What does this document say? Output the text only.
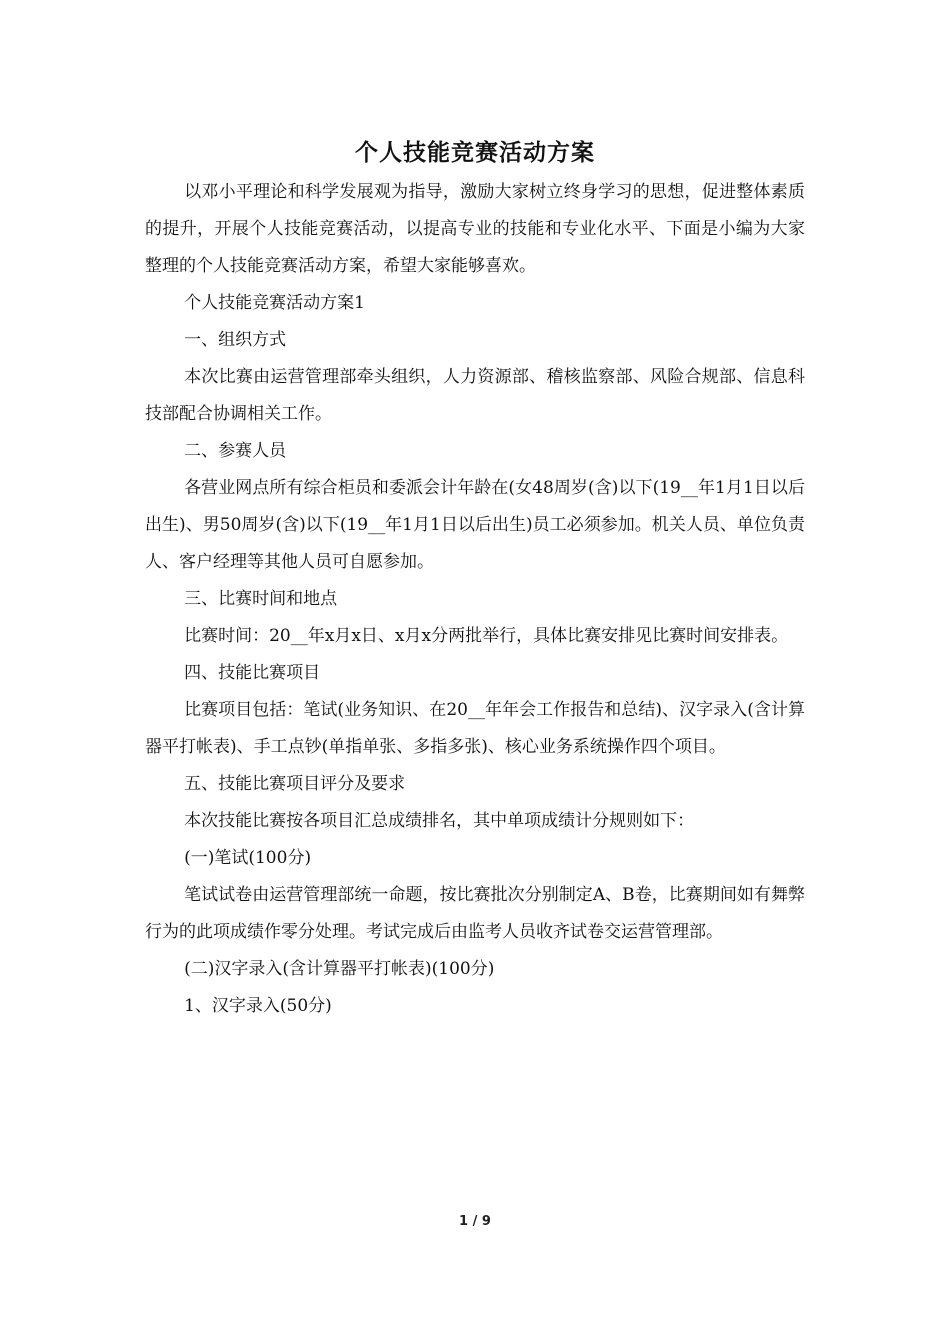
个人技能竞赛活动方案

以邓小平理论和科学发展观为指导，激励大家树立终身学习的思想，促进整体素质的提升，开展个人技能竞赛活动，以提高专业的技能和专业化水平、下面是小编为大家整理的个人技能竞赛活动方案，希望大家能够喜欢。

个人技能竞赛活动方案1

一、组织方式

本次比赛由运营管理部牵头组织，人力资源部、稽核监察部、风险合规部、信息科技部配合协调相关工作。

二、参赛人员

各营业网点所有综合柜员和委派会计年龄在(女48周岁(含)以下(19__年1月1日以后出生)、男50周岁(含)以下(19__年1月1日以后出生)员工必须参加。机关人员、单位负责人、客户经理等其他人员可自愿参加。

三、比赛时间和地点

比赛时间：20__年x月x日、x月x分两批举行，具体比赛安排见比赛时间安排表。

四、技能比赛项目

比赛项目包括：笔试(业务知识、在20__年年会工作报告和总结)、汉字录入(含计算器平打帐表)、手工点钞(单指单张、多指多张)、核心业务系统操作四个项目。

五、技能比赛项目评分及要求

本次技能比赛按各项目汇总成绩排名，其中单项成绩计分规则如下：

(一)笔试(100分)

笔试试卷由运营管理部统一命题，按比赛批次分别制定A、B卷，比赛期间如有舞弊行为的此项成绩作零分处理。考试完成后由监考人员收齐试卷交运营管理部。

(二)汉字录入(含计算器平打帐表)(100分)

1、汉字录入(50分)

1 / 9
